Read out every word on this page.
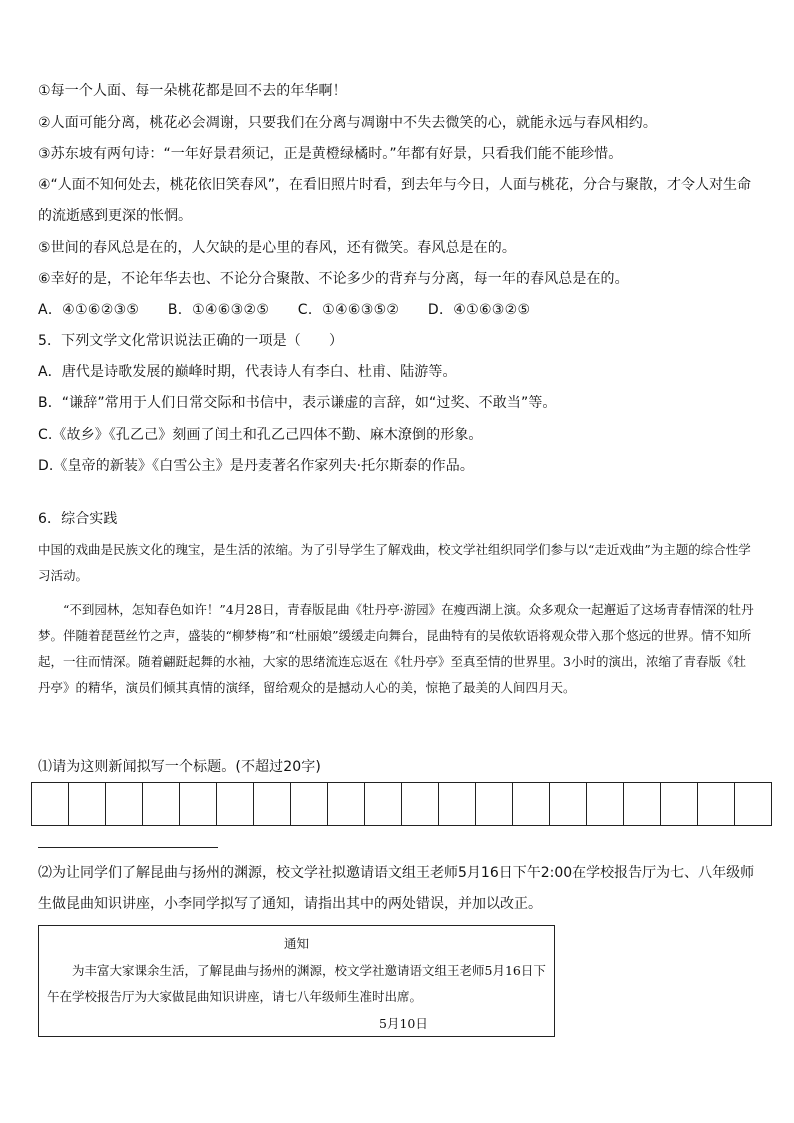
①每一个人面、每一朵桃花都是回不去的年华啊！
②人面可能分离，桃花必会凋谢，只要我们在分离与凋谢中不失去微笑的心，就能永远与春风相约。
③苏东坡有两句诗：“一年好景君须记，正是黄橙绿橘时。”年都有好景，只看我们能不能珍惜。
④“人面不知何处去，桃花依旧笑春风”，在看旧照片时看，到去年与今日，人面与桃花，分合与聚散，才令人对生命的流逝感到更深的怅惘。
⑤世间的春风总是在的，人欠缺的是心里的春风，还有微笑。春风总是在的。
⑥幸好的是，不论年华去也、不论分合聚散、不论多少的背弃与分离，每一年的春风总是在的。
A．④①⑥②③⑤　　B．①④⑥③②⑤　　C．①④⑥③⑤②　　D．④①⑥③②⑤
5．下列文学文化常识说法正确的一项是（　　）
A．唐代是诗歌发展的巅峰时期，代表诗人有李白、杜甫、陆游等。
B．“谦辞”常用于人们日常交际和书信中，表示谦虚的言辞，如“过奖、不敢当”等。
C.《故乡》《孔乙己》刻画了闰土和孔乙己四体不勤、麻木潦倒的形象。
D.《皇帝的新装》《白雪公主》是丹麦著名作家列夫·托尔斯泰的作品。
6．综合实践
中国的戏曲是民族文化的瑰宝，是生活的浓缩。为了引导学生了解戏曲，校文学社组织同学们参与以“走近戏曲”为主题的综合性学习活动。
“不到园林，怎知春色如许！”4月28日，青春版昆曲《牡丹亭·游园》在瘦西湖上演。众多观众一起邂逅了这场青春情深的牡丹梦。伴随着琵琶丝竹之声，盛装的“柳梦梅”和“杜丽娘”缓缓走向舞台，昆曲特有的吴侬软语将观众带入那个悠远的世界。情不知所起，一往而情深。随着翩跹起舞的水袖，大家的思绪流连忘返在《牡丹亭》至真至情的世界里。3小时的演出，浓缩了青春版《牡丹亭》的精华，演员们倾其真情的演绎，留给观众的是撼动人心的美，惊艳了最美的人间四月天。
⑴请为这则新闻拟写一个标题。(不超过20字)
⑵为让同学们了解昆曲与扬州的渊源，校文学社拟邀请语文组王老师5月16日下午2:00在学校报告厅为七、八年级师生做昆曲知识讲座，小李同学拟写了通知，请指出其中的两处错误，并加以改正。
通知
为丰富大家课余生活，了解昆曲与扬州的渊源，校文学社邀请语文组王老师5月16日下午在学校报告厅为大家做昆曲知识讲座，请七八年级师生准时出席。
5月10日
